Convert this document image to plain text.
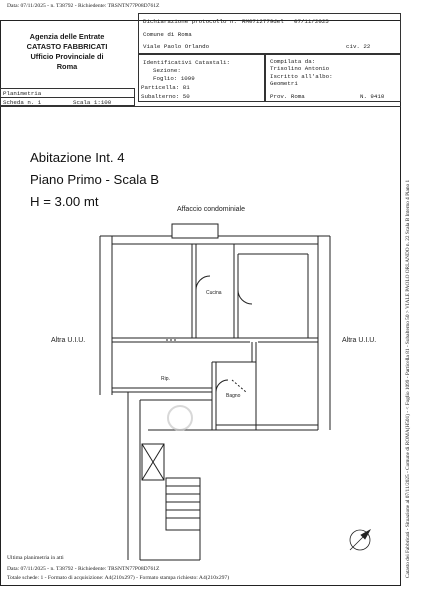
Data: 07/11/2025 - n. T38792 - Richiedente: TRSNTN77P08D761Z
Agenzia delle Entrate
CATASTO FABBRICATI
Ufficio Provinciale di
Roma
Dichiarazione protocollo n. RM0712779del 07/11/2025
Comune di Roma
Viale Paolo Orlando	civ. 22
Identificativi Catastali:
Sezione:
Foglio: 1099
Particella: 81
Subalterno: 50
Compilata da:
Trisolino Antonio
Iscritto all'albo:
Geometri
Prov. Roma	N. 9410
Planimetria
Scheda n. 1	Scala 1:100
Abitazione Int. 4
Piano Primo - Scala B
H = 3.00 mt
Affaccio condominiale
Altra U.I.U.	Altra U.I.U.
Cucina
Rip.
Bagno	Catasto dei Fabbricati - Situazione al 07/11/2025 - Comune di ROMA(H501) - < Foglio 1099 - Particella 81 - Subalterno 50 > VIALE PAOLO ORLANDO n. 22 Scala B Interno 4 Piano 1
Ultima planimetria in atti
Data: 07/11/2025 - n. T38792 - Richiedente: TRSNTN77P08D761Z
Totale schede: 1 - Formato di acquisizione: A4(210x297) - Formato stampa richiesto: A4(210x297)
